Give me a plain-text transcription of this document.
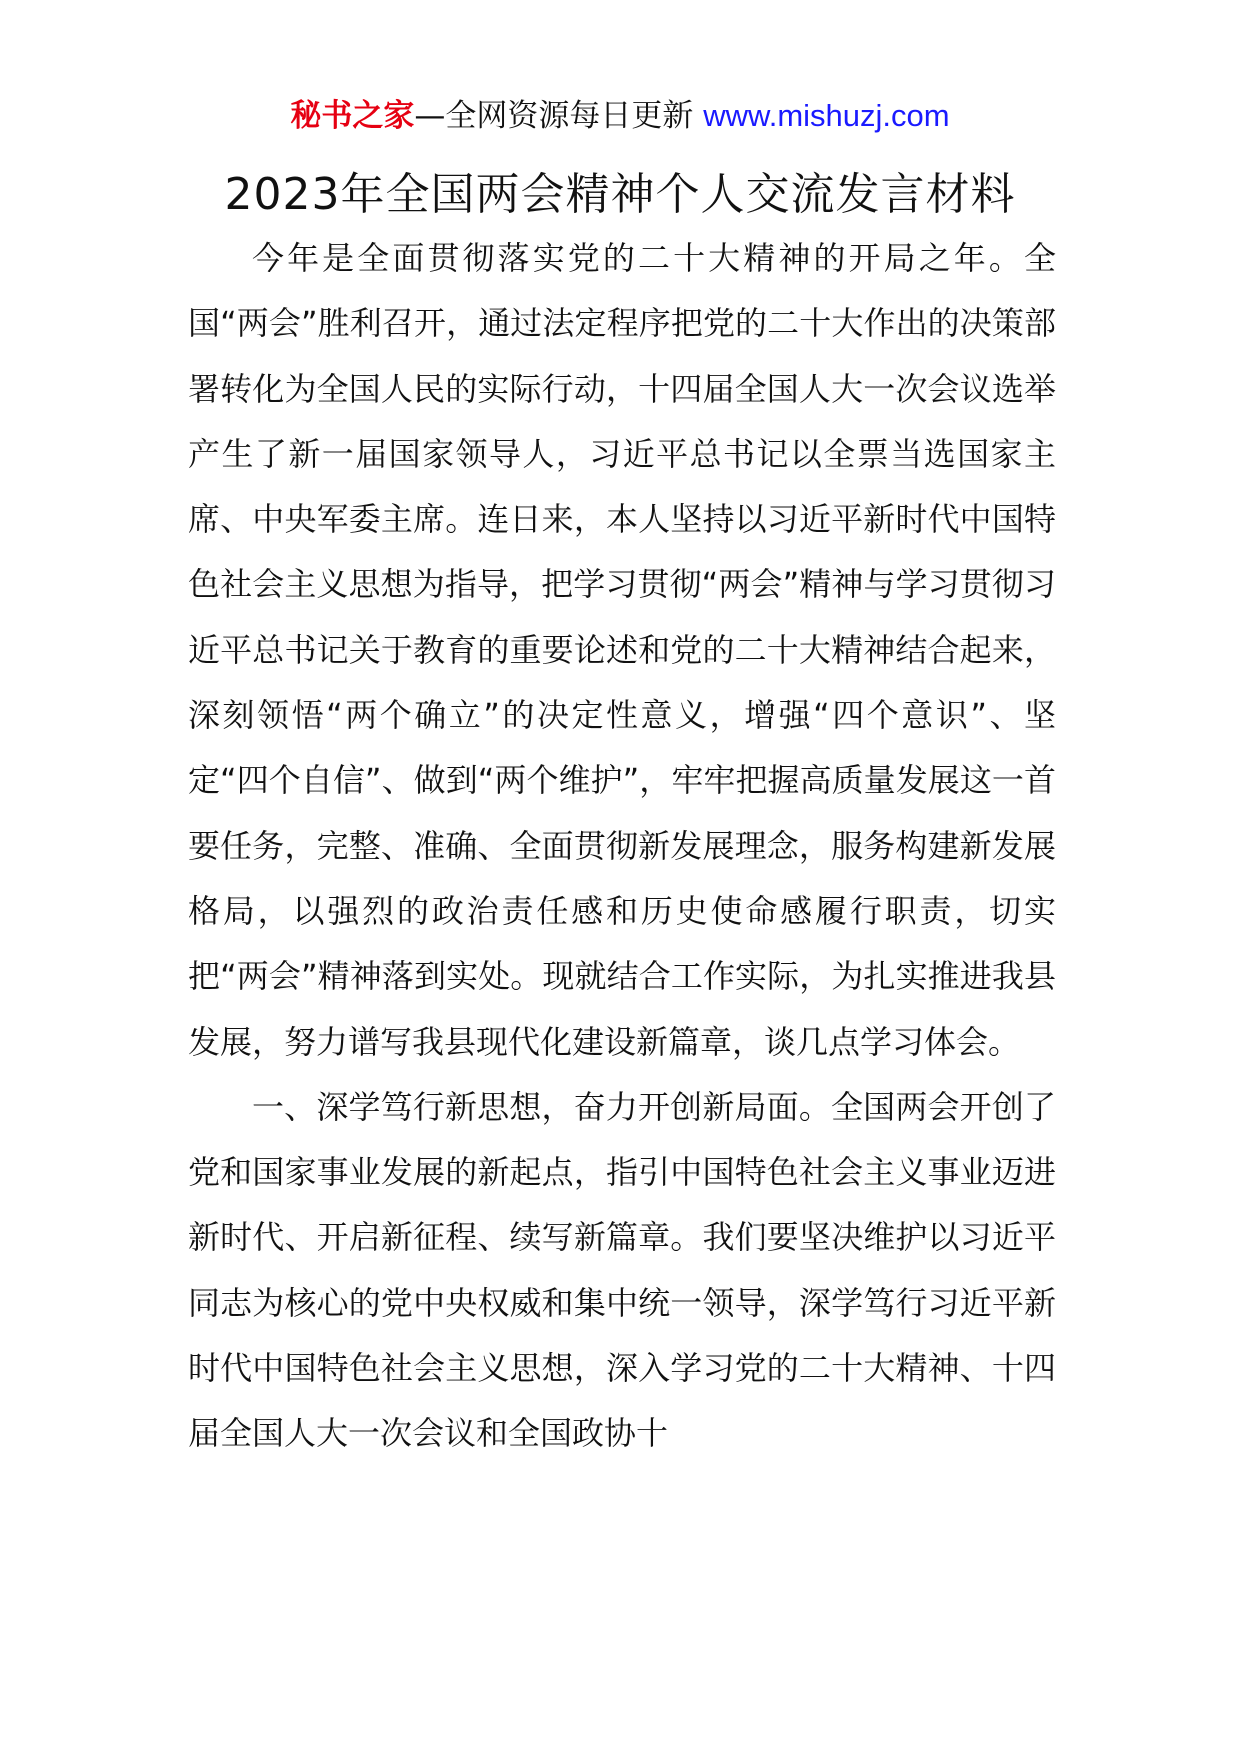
秘书之家—全网资源每日更新 www.mishuzj.com
2023年全国两会精神个人交流发言材料

今年是全面贯彻落实党的二十大精神的开局之年。全国“两会”胜利召开，通过法定程序把党的二十大作出的决策部署转化为全国人民的实际行动，十四届全国人大一次会议选举产生了新一届国家领导人，习近平总书记以全票当选国家主席、中央军委主席。连日来，本人坚持以习近平新时代中国特色社会主义思想为指导，把学习贯彻“两会”精神与学习贯彻习近平总书记关于教育的重要论述和党的二十大精神结合起来，深刻领悟“两个确立”的决定性意义，增强“四个意识”、坚定“四个自信”、做到“两个维护”，牢牢把握高质量发展这一首要任务，完整、准确、全面贯彻新发展理念，服务构建新发展格局，以强烈的政治责任感和历史使命感履行职责，切实把“两会”精神落到实处。现就结合工作实际，为扎实推进我县发展，努力谱写我县现代化建设新篇章，谈几点学习体会。

一、深学笃行新思想，奋力开创新局面。全国两会开创了党和国家事业发展的新起点，指引中国特色社会主义事业迈进新时代、开启新征程、续写新篇章。我们要坚决维护以习近平同志为核心的党中央权威和集中统一领导，深学笃行习近平新时代中国特色社会主义思想，深入学习党的二十大精神、十四届全国人大一次会议和全国政协十
